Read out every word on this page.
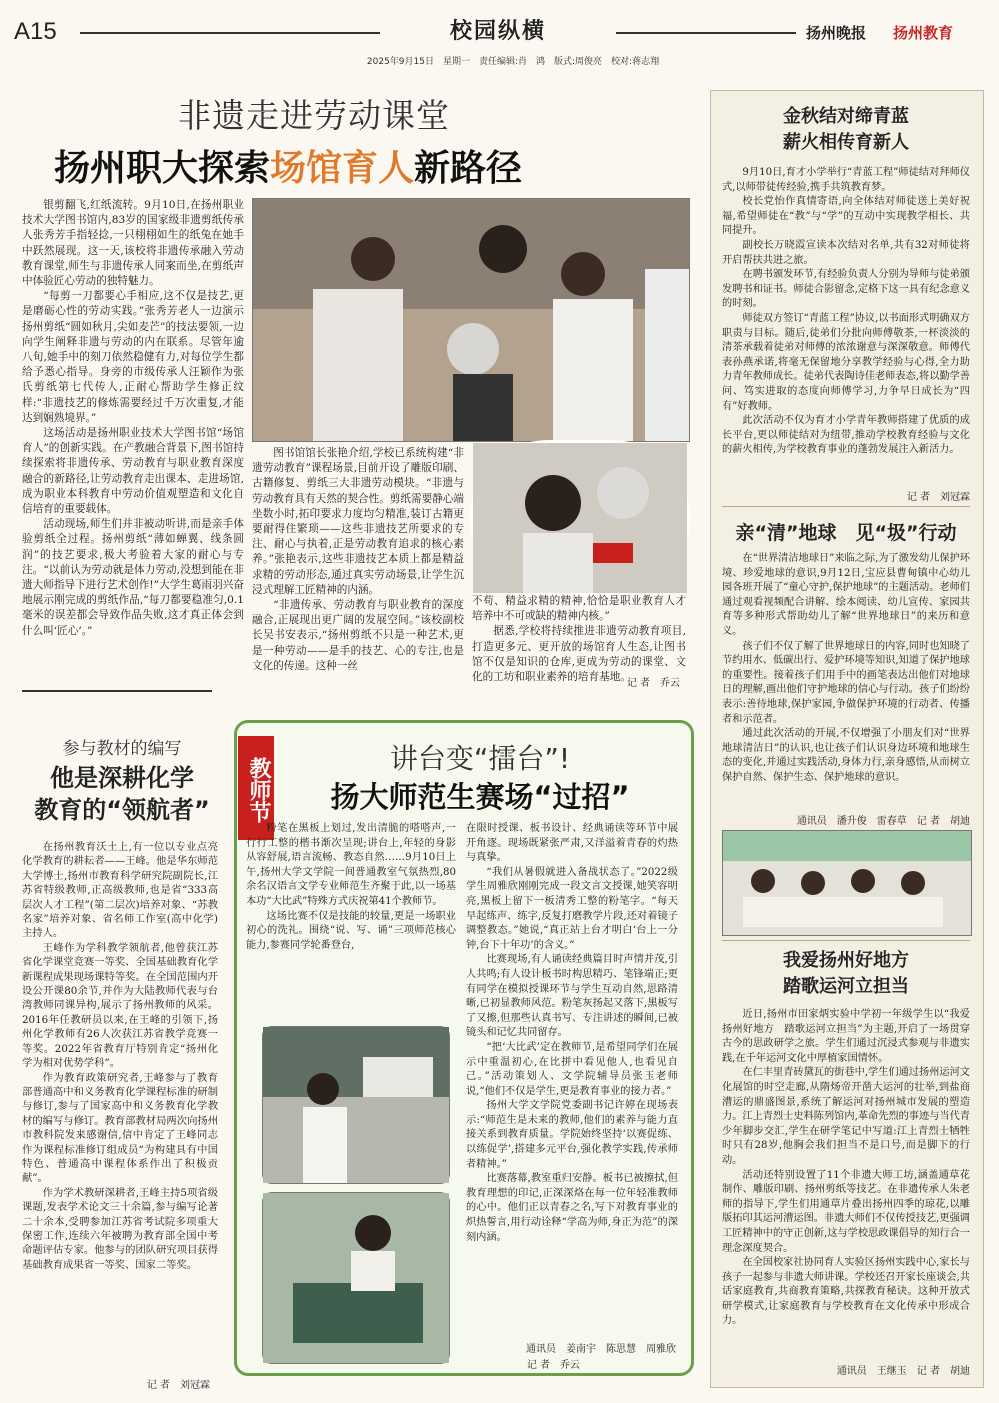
A15	校园纵横
2025年9月15日　星期一　责任编辑:肖　鸿　版式:周俊亮　校对:蒋志翔
扬州晚报 扬州教育
非遗走进劳动课堂
扬州职大探索场馆育人新路径

银剪翻飞,红纸流转。9月10日,在扬州职业技术大学图书馆内,83岁的国家级非遗剪纸传承人张秀芳手指轻捻,一只栩栩如生的纸兔在她手中跃然展现。这一天,该校将非遗传承融入劳动教育课堂,师生与非遗传承人同案而坐,在剪纸声中体验匠心劳动的独特魅力。

“每剪一刀都要心手相应,这不仅是技艺,更是磨砺心性的劳动实践。”张秀芳老人一边演示扬州剪纸“圆如秋月,尖如麦芒”的技法要领,一边向学生阐释非遗与劳动的内在联系。尽管年逾八旬,她手中的刻刀依然稳健有力,对每位学生都给予悉心指导。身旁的市级传承人汪颖作为张氏剪纸第七代传人,正耐心帮助学生修正纹样:“非遗技艺的修炼需要经过千万次重复,才能达到娴熟境界。”

这场活动是扬州职业技术大学图书馆“场馆育人”的创新实践。在产教融合背景下,图书馆持续探索将非遗传承、劳动教育与职业教育深度融合的新路径,让劳动教育走出课本、走进场馆,成为职业本科教育中劳动价值观塑造和文化自信培育的重要载体。

活动现场,师生们并非被动听讲,而是亲手体验剪纸全过程。扬州剪纸“薄如蝉翼、线条圆润”的技艺要求,极大考验着大家的耐心与专注。“以前认为劳动就是体力劳动,没想到能在非遗大师指导下进行艺术创作!”大学生葛雨羽兴奋地展示刚完成的剪纸作品,“每刀都要稳准匀,0.1毫米的误差都会导致作品失败,这才真正体会到什么叫‘匠心’。”

图书馆馆长张艳介绍,学校已系统构建“非遗劳动教育”课程场景,目前开设了雕版印刷、古籍修复、剪纸三大非遗劳动模块。“非遗与劳动教育具有天然的契合性。剪纸需要静心端坐数小时,拓印要求力度均匀精准,装订古籍更要耐得住繁琐——这些非遗技艺所要求的专注、耐心与执着,正是劳动教育追求的核心素养。”张艳表示,这些非遗技艺本质上都是精益求精的劳动形态,通过真实劳动场景,让学生沉浸式理解工匠精神的内涵。

“非遗传承、劳动教育与职业教育的深度融合,正展现出更广阔的发展空间。”该校副校长吴书安表示,“扬州剪纸不只是一种艺术,更是一种劳动——是手的技艺、心的专注,也是文化的传递。这种一丝

不苟、精益求精的精神,恰恰是职业教育人才培养中不可或缺的精神内核。”

据悉,学校将持续推进非遗劳动教育项目,打造更多元、更开放的场馆育人生态,让图书馆不仅是知识的仓库,更成为劳动的课堂、文化的工坊和职业素养的培育基地。

记 者　乔云
金秋结对缔青蓝
薪火相传育新人

9月10日,育才小学举行“青蓝工程”师徒结对拜师仪式,以师带徒传经验,携手共筑教育梦。

校长党怡作真情寄语,向全体结对师徒送上美好祝福,希望师徒在“教”与“学”的互动中实现教学相长、共同提升。

副校长万晓霞宣读本次结对名单,共有32对师徒将开启帮扶共进之旅。

在聘书颁发环节,有经验负责人分别为导师与徒弟颁发聘书和证书。师徒合影留念,定格下这一具有纪念意义的时刻。

师徒双方签订“青蓝工程”协议,以书面形式明确双方职责与目标。随后,徒弟们分批向师傅敬茶,一杯淡淡的清茶承载着徒弟对师傅的浓浓谢意与深深敬意。师傅代表孙燕承诺,将毫无保留地分享教学经验与心得,全力助力青年教师成长。徒弟代表陶诗佳老师表态,将以勤学善问、笃实进取的态度向师傅学习,力争早日成长为“四有”好教师。

此次活动不仅为育才小学青年教师搭建了优质的成长平台,更以师徒结对为纽带,推动学校教育经验与文化的薪火相传,为学校教育事业的蓬勃发展注入新活力。

记 者　刘冠霖
亲“清”地球　见“圾”行动

在“世界清洁地球日”来临之际,为了激发幼儿保护环境、珍爱地球的意识,9月12日,宝应县曹甸镇中心幼儿园各班开展了“童心守护,保护地球”的主题活动。老师们通过观看视频配合讲解、绘本阅读、幼儿宣传、家园共育等多种形式帮助幼儿了解“世界地球日”的来历和意义。

孩子们不仅了解了世界地球日的内容,同时也知晓了节约用水、低碳出行、爱护环境等知识,知道了保护地球的重要性。接着孩子们用手中的画笔表达出他们对地球日的理解,画出他们守护地球的信心与行动。孩子们纷纷表示:善待地球,保护家园,争做保护环境的行动者、传播者和示范者。

通过此次活动的开展,不仅增强了小朋友们对“世界地球清洁日”的认识,也让孩子们认识身边环境和地球生态的变化,并通过实践活动,身体力行,亲身感悟,从而树立保护自然、保护生态、保护地球的意识。

通讯员　潘升俊　雷春草　记 者　胡迪
我爱扬州好地方
踏歌运河立担当

近日,扬州市田家炳实验中学初一年级学生以“我爱扬州好地方　踏歌运河立担当”为主题,开启了一场贯穿古今的思政研学之旅。学生们通过沉浸式参观与非遗实践,在千年运河文化中厚植家国情怀。

在仁丰里青砖黛瓦的街巷中,学生们通过扬州运河文化展馆的时空走廊,从隋炀帝开凿大运河的壮举,到盐商漕运的鼎盛图景,系统了解运河对扬州城市发展的塑造力。江上青烈士史料陈列馆内,革命先烈的事迹与当代青少年脚步交汇,学生在研学笔记中写道:江上青烈士牺牲时只有28岁,他胸会我们担当不是口号,而是脚下的行动。

活动还特别设置了11个非遗大师工坊,涵盖通草花制作、雕版印刷、扬州剪纸等技艺。在非遗传承人朱老师的指导下,学生们用通草片叠出扬州四季的琼花,以雕版拓印其运河漕运图。非遗大师们不仅传授技艺,更强调工匠精神中的守正创新,这与学校思政课倡导的知行合一理念深度契合。

在全国校家社协同育人实验区扬州实践中心,家长与孩子一起参与非遗大师讲课。学校还召开家长座谈会,共话家庭教育,共商教育策略,共探教育秘诀。这种开放式研学模式,让家庭教育与学校教育在文化传承中形成合力。

通讯员　王继玉　记 者　胡迪
参与教材的编写
他是深耕化学
教育的“领航者”

在扬州教育沃土上,有一位以专业点亮化学教育的耕耘者——王峰。他是华东师范大学博士,扬州市教育科学研究院副院长,江苏省特级教师,正高级教师,也是省“333高层次人才工程”(第二层次)培养对象、“苏教名家”培养对象、省名师工作室(高中化学)主持人。

王峰作为学科教学领航者,他曾获江苏省化学课堂竞赛一等奖、全国基础教育化学新课程成果现场课特等奖。在全国范围内开设公开课80余节,并作为大陆教师代表与台湾教师同课异构,展示了扬州教师的风采。2016年任教研员以来,在王峰的引领下,扬州化学教师有26人次获江苏省教学竞赛一等奖。2022年省教育厅特别肯定“扬州化学为相对优势学科”。

作为教育政策研究者,王峰参与了教育部普通高中和义务教育化学课程标准的研制与修订,参与了国家高中和义务教育化学教材的编写与修订。教育部教材局两次向扬州市教科院发来感谢信,信中肯定了王峰同志作为课程标准修订组成员“为构建具有中国特色、普通高中课程体系作出了积极贡献”。

作为学术教研深耕者,王峰主持5项省级课题,发表学术论文三十余篇,参与编写论著二十余本,受聘参加江苏省考试院多项重大保密工作,连续六年被聘为教育部全国中考命题评估专家。他参与的团队研究项目获得基础教育成果省一等奖、国家二等奖。

记 者　刘冠霖
教师节	讲台变“擂台”!
扬大师范生赛场“过招”

粉笔在黑板上划过,发出清脆的嗒嗒声,一行行工整的楷书渐次呈现;讲台上,年轻的身影从容舒展,语言流畅、教态自然……9月10日上午,扬州大学文学院一间普通教室气氛热烈,80余名汉语言文学专业师范生齐聚于此,以一场基本功“大比武”特殊方式庆祝第41个教师节。

这场比赛不仅是技能的较量,更是一场职业初心的洗礼。围绕“说、写、诵”三项师范核心能力,参赛同学轮番登台,

在限时授课、板书设计、经典诵读等环节中展开角逐。现场既紧张严肃,又洋溢着青春的灼热与真挚。

“我们从暑假就进入备战状态了。”2022级学生周雅欣刚刚完成一段文言文授课,她笑容明亮,黑板上留下一板清秀工整的粉笔字。“每天早起练声、练字,反复打磨教学片段,还对着镜子调整教态。”她说,“真正站上台才明白‘台上一分钟,台下十年功’的含义。”

比赛现场,有人诵读经典篇目时声情并茂,引人共鸣;有人设计板书时构思精巧、笔锋端正;更有同学在模拟授课环节与学生互动自然,思路清晰,已初显教师风范。粉笔灰扬起又落下,黑板写了又擦,但那些认真书写、专注讲述的瞬间,已被镜头和记忆共同留存。

“把‘大比武’定在教师节,是希望同学们在展示中重温初心,在比拼中看见他人,也看见自己。”活动策划人、文学院辅导员张玉老师说,“他们不仅是学生,更是教育事业的接力者。”

扬州大学文学院党委副书记许婷在现场表示:“师范生是未来的教师,他们的素养与能力直接关系到教育质量。学院始终坚持‘以赛促练、以练促学’,搭建多元平台,强化教学实践,传承师者精神。”

比赛落幕,教室重归安静。板书已被擦拭,但教育理想的印记,正深深烙在每一位年轻准教师的心中。他们正以青春之名,写下对教育事业的炽热誓言,用行动诠释“学高为师,身正为范”的深刻内涵。

通讯员　姜南宇　陈思慧　周雅欣
记 者　乔云
